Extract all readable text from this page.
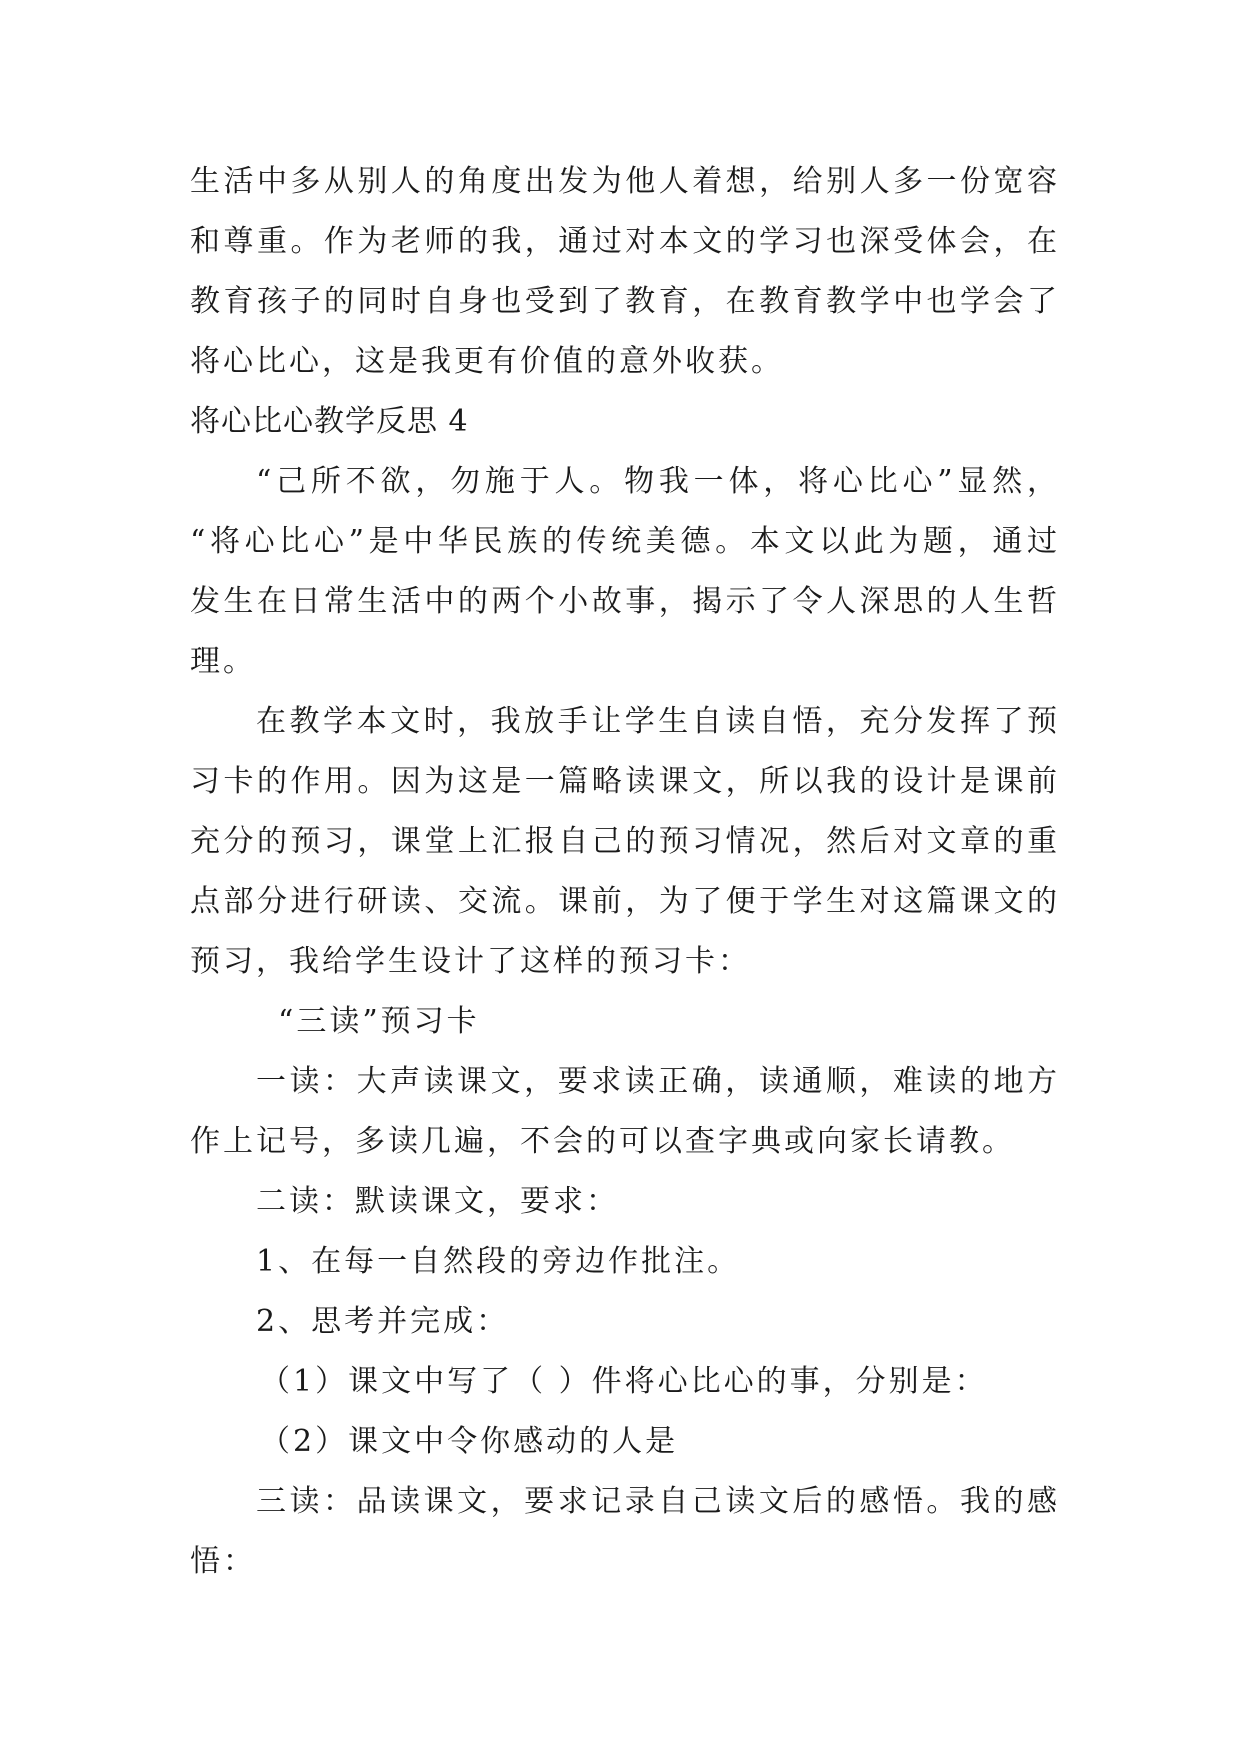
生活中多从别人的角度出发为他人着想，给别人多一份宽容
和尊重。作为老师的我，通过对本文的学习也深受体会，在
教育孩子的同时自身也受到了教育，在教育教学中也学会了
将心比心，这是我更有价值的意外收获。
将心比心教学反思 4
“己所不欲，勿施于人。物我一体，将心比心”显然，
“将心比心”是中华民族的传统美德。本文以此为题，通过
发生在日常生活中的两个小故事，揭示了令人深思的人生哲
理。
在教学本文时，我放手让学生自读自悟，充分发挥了预
习卡的作用。因为这是一篇略读课文，所以我的设计是课前
充分的预习，课堂上汇报自己的预习情况，然后对文章的重
点部分进行研读、交流。课前，为了便于学生对这篇课文的
预习，我给学生设计了这样的预习卡：
“三读”预习卡
一读：大声读课文，要求读正确，读通顺，难读的地方
作上记号，多读几遍，不会的可以查字典或向家长请教。
二读：默读课文，要求：
1、在每一自然段的旁边作批注。
2、思考并完成：
（1）课文中写了（ ）件将心比心的事，分别是：
（2）课文中令你感动的人是
三读：品读课文，要求记录自己读文后的感悟。我的感
悟：
